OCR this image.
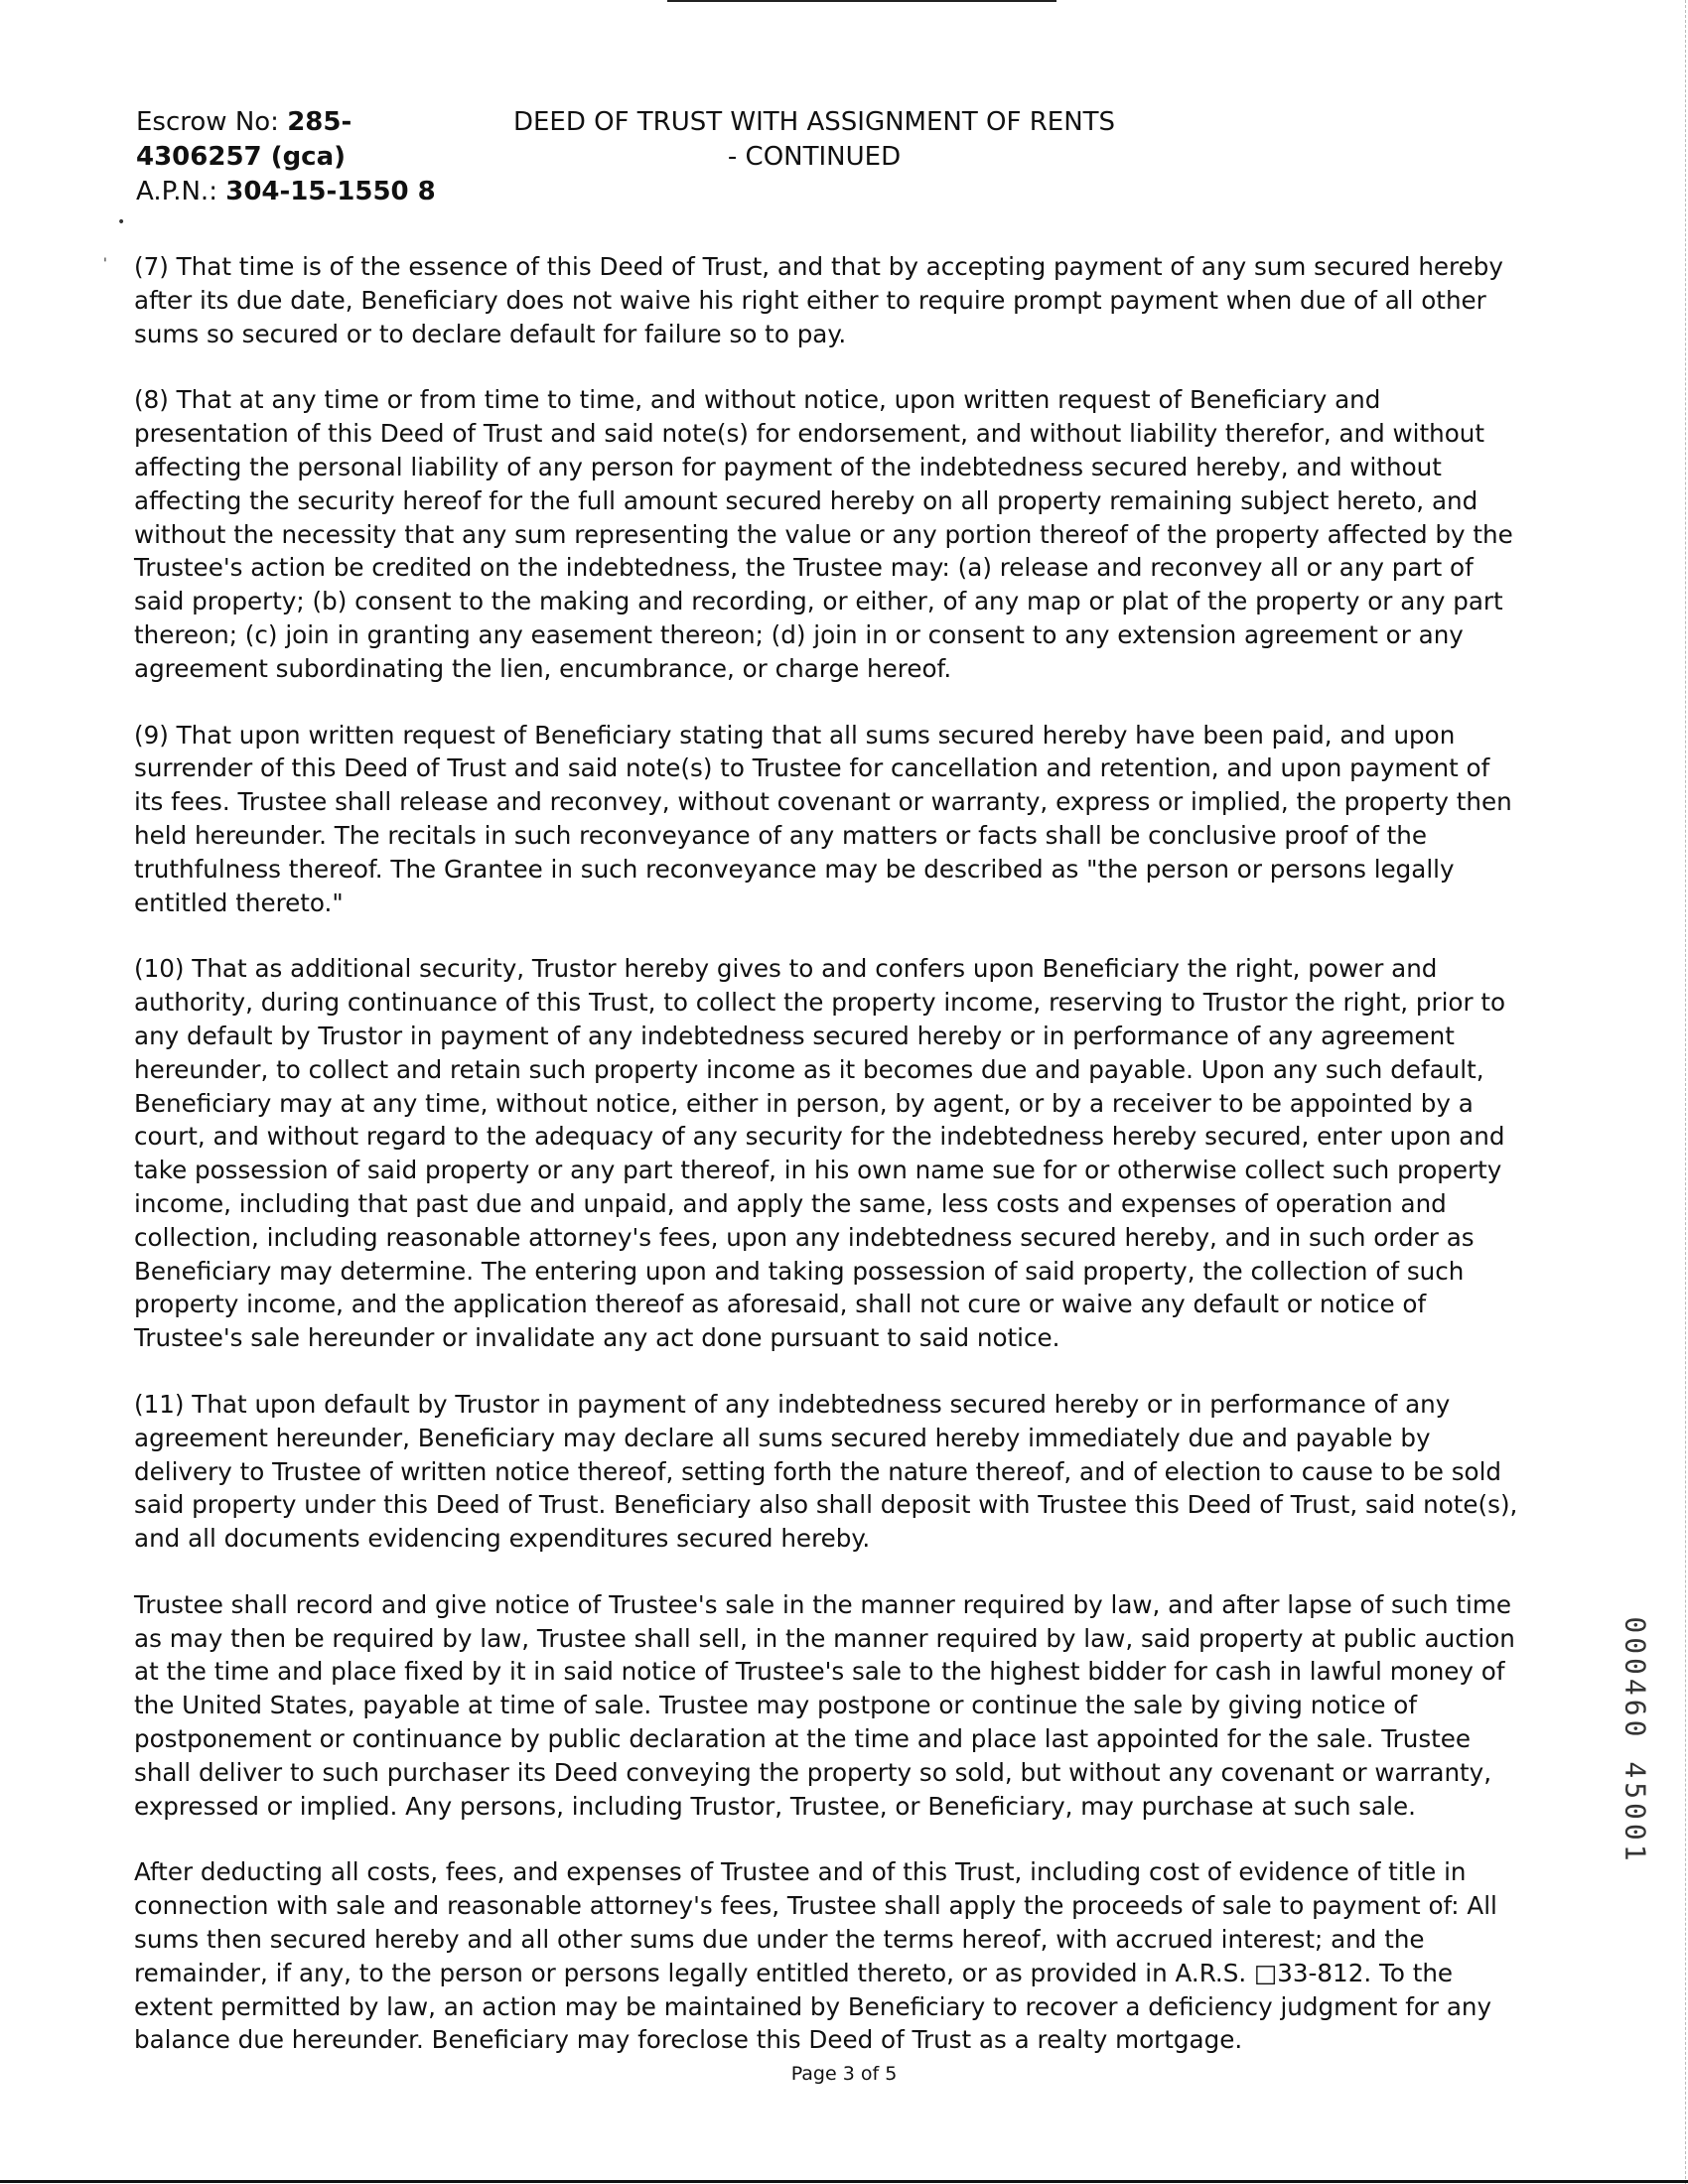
Escrow No: 285-
4306257 (gca)
A.P.N.: 304-15-1550 8
DEED OF TRUST WITH ASSIGNMENT OF RENTS
- CONTINUED
•
' (7) That time is of the essence of this Deed of Trust, and that by accepting payment of any sum secured hereby after its due date, Beneficiary does not waive his right either to require prompt payment when due of all other sums so secured or to declare default for failure so to pay.

(8) That at any time or from time to time, and without notice, upon written request of Beneficiary and presentation of this Deed of Trust and said note(s) for endorsement, and without liability therefor, and without affecting the personal liability of any person for payment of the indebtedness secured hereby, and without affecting the security hereof for the full amount secured hereby on all property remaining subject hereto, and without the necessity that any sum representing the value or any portion thereof of the property affected by the Trustee's action be credited on the indebtedness, the Trustee may: (a) release and reconvey all or any part of said property; (b) consent to the making and recording, or either, of any map or plat of the property or any part thereon; (c) join in granting any easement thereon; (d) join in or consent to any extension agreement or any agreement subordinating the lien, encumbrance, or charge hereof.

(9) That upon written request of Beneficiary stating that all sums secured hereby have been paid, and upon surrender of this Deed of Trust and said note(s) to Trustee for cancellation and retention, and upon payment of its fees. Trustee shall release and reconvey, without covenant or warranty, express or implied, the property then held hereunder. The recitals in such reconveyance of any matters or facts shall be conclusive proof of the truthfulness thereof. The Grantee in such reconveyance may be described as "the person or persons legally entitled thereto."

(10) That as additional security, Trustor hereby gives to and confers upon Beneficiary the right, power and authority, during continuance of this Trust, to collect the property income, reserving to Trustor the right, prior to any default by Trustor in payment of any indebtedness secured hereby or in performance of any agreement hereunder, to collect and retain such property income as it becomes due and payable. Upon any such default, Beneficiary may at any time, without notice, either in person, by agent, or by a receiver to be appointed by a court, and without regard to the adequacy of any security for the indebtedness hereby secured, enter upon and take possession of said property or any part thereof, in his own name sue for or otherwise collect such property income, including that past due and unpaid, and apply the same, less costs and expenses of operation and collection, including reasonable attorney's fees, upon any indebtedness secured hereby, and in such order as Beneficiary may determine. The entering upon and taking possession of said property, the collection of such property income, and the application thereof as aforesaid, shall not cure or waive any default or notice of Trustee's sale hereunder or invalidate any act done pursuant to said notice.

(11) That upon default by Trustor in payment of any indebtedness secured hereby or in performance of any agreement hereunder, Beneficiary may declare all sums secured hereby immediately due and payable by delivery to Trustee of written notice thereof, setting forth the nature thereof, and of election to cause to be sold said property under this Deed of Trust. Beneficiary also shall deposit with Trustee this Deed of Trust, said note(s), and all documents evidencing expenditures secured hereby.

Trustee shall record and give notice of Trustee's sale in the manner required by law, and after lapse of such time as may then be required by law, Trustee shall sell, in the manner required by law, said property at public auction at the time and place fixed by it in said notice of Trustee's sale to the highest bidder for cash in lawful money of the United States, payable at time of sale. Trustee may postpone or continue the sale by giving notice of postponement or continuance by public declaration at the time and place last appointed for the sale. Trustee shall deliver to such purchaser its Deed conveying the property so sold, but without any covenant or warranty, expressed or implied. Any persons, including Trustor, Trustee, or Beneficiary, may purchase at such sale.

After deducting all costs, fees, and expenses of Trustee and of this Trust, including cost of evidence of title in connection with sale and reasonable attorney's fees, Trustee shall apply the proceeds of sale to payment of: All sums then secured hereby and all other sums due under the terms hereof, with accrued interest; and the remainder, if any, to the person or persons legally entitled thereto, or as provided in A.R.S. □33-812. To the extent permitted by law, an action may be maintained by Beneficiary to recover a deficiency judgment for any balance due hereunder. Beneficiary may foreclose this Deed of Trust as a realty mortgage.

000460 45001
Page 3 of 5
